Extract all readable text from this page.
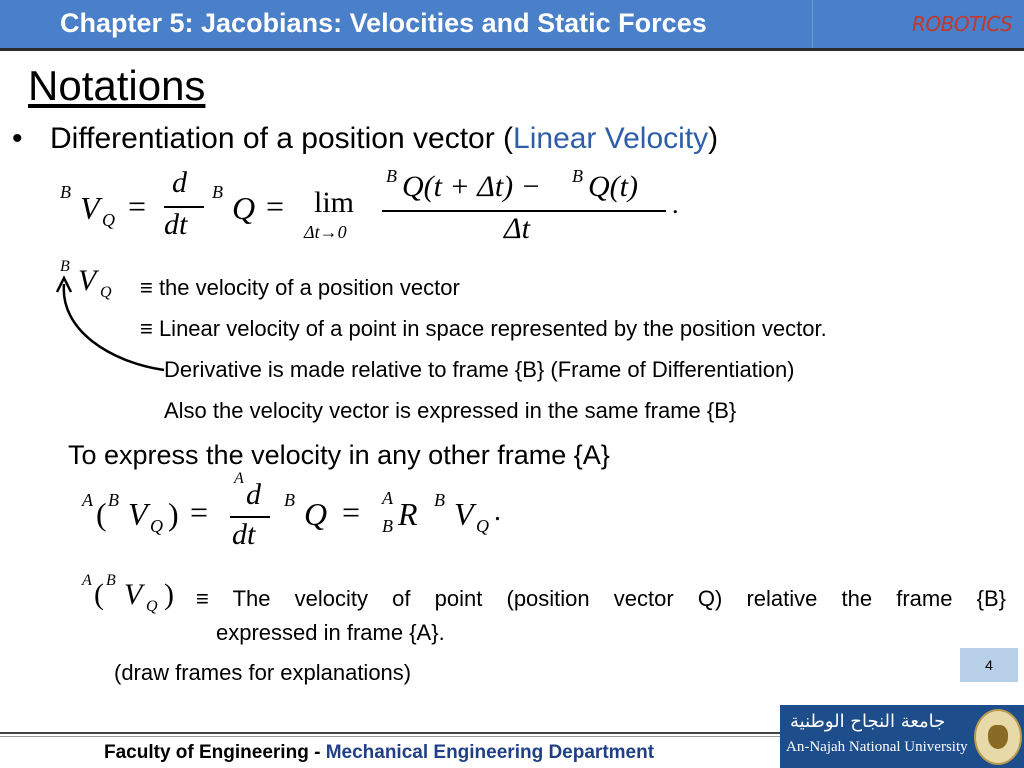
Chapter 5: Jacobians: Velocities and Static Forces	ROBOTICS
Notations
• Differentiation of a position vector (Linear Velocity)
B V Q =
d
dt
B Q = lim
Δt→0
B Q(t + Δt) − B Q(t)
Δt
.
B V Q ≡ the velocity of a position vector
≡ Linear velocity of a point in space represented by the position vector.
Derivative is made relative to frame {B} (Frame of Differentiation)
Also the velocity vector is expressed in the same frame {B}
To express the velocity in any other frame {A}
A ( B V Q ) =
A d
dt
B Q = A
B R B V Q .
A ( B V Q ) ≡ The velocity of point (position vector Q) relative the frame {B}
expressed in frame {A}.
(draw frames for explanations)	4
Faculty of Engineering - Mechanical Engineering Department
جامعة النجاح الوطنية
An-Najah National University
